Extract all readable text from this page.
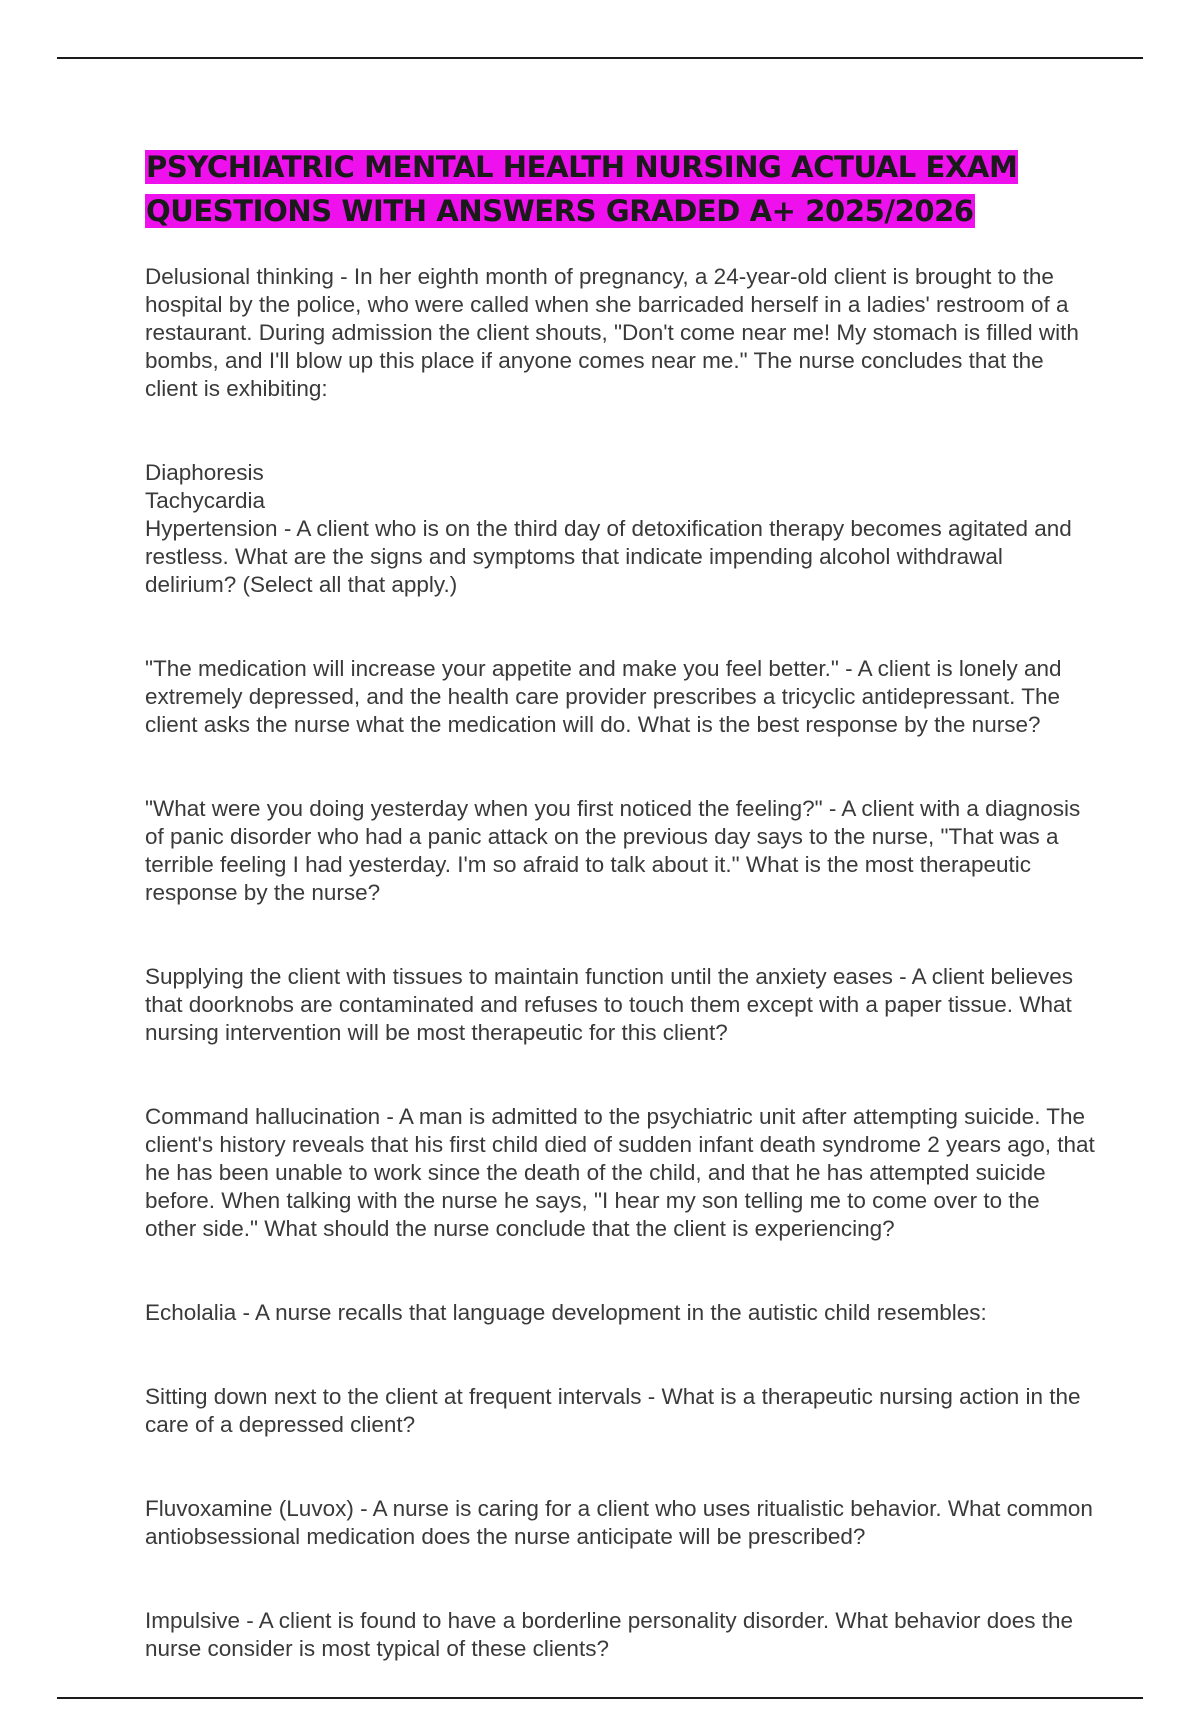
PSYCHIATRIC MENTAL HEALTH NURSING ACTUAL EXAM QUESTIONS WITH ANSWERS GRADED A+ 2025/2026

Delusional thinking - In her eighth month of pregnancy, a 24-year-old client is brought to the hospital by the police, who were called when she barricaded herself in a ladies' restroom of a restaurant. During admission the client shouts, "Don't come near me! My stomach is filled with bombs, and I'll blow up this place if anyone comes near me." The nurse concludes that the client is exhibiting:

Diaphoresis
Tachycardia
Hypertension - A client who is on the third day of detoxification therapy becomes agitated and restless. What are the signs and symptoms that indicate impending alcohol withdrawal delirium? (Select all that apply.)

"The medication will increase your appetite and make you feel better." - A client is lonely and extremely depressed, and the health care provider prescribes a tricyclic antidepressant. The client asks the nurse what the medication will do. What is the best response by the nurse?

"What were you doing yesterday when you first noticed the feeling?" - A client with a diagnosis of panic disorder who had a panic attack on the previous day says to the nurse, "That was a terrible feeling I had yesterday. I'm so afraid to talk about it." What is the most therapeutic response by the nurse?

Supplying the client with tissues to maintain function until the anxiety eases - A client believes that doorknobs are contaminated and refuses to touch them except with a paper tissue. What nursing intervention will be most therapeutic for this client?

Command hallucination - A man is admitted to the psychiatric unit after attempting suicide. The client's history reveals that his first child died of sudden infant death syndrome 2 years ago, that he has been unable to work since the death of the child, and that he has attempted suicide before. When talking with the nurse he says, "I hear my son telling me to come over to the other side." What should the nurse conclude that the client is experiencing?

Echolalia - A nurse recalls that language development in the autistic child resembles:

Sitting down next to the client at frequent intervals - What is a therapeutic nursing action in the care of a depressed client?

Fluvoxamine (Luvox) - A nurse is caring for a client who uses ritualistic behavior. What common antiobsessional medication does the nurse anticipate will be prescribed?

Impulsive - A client is found to have a borderline personality disorder. What behavior does the nurse consider is most typical of these clients?
